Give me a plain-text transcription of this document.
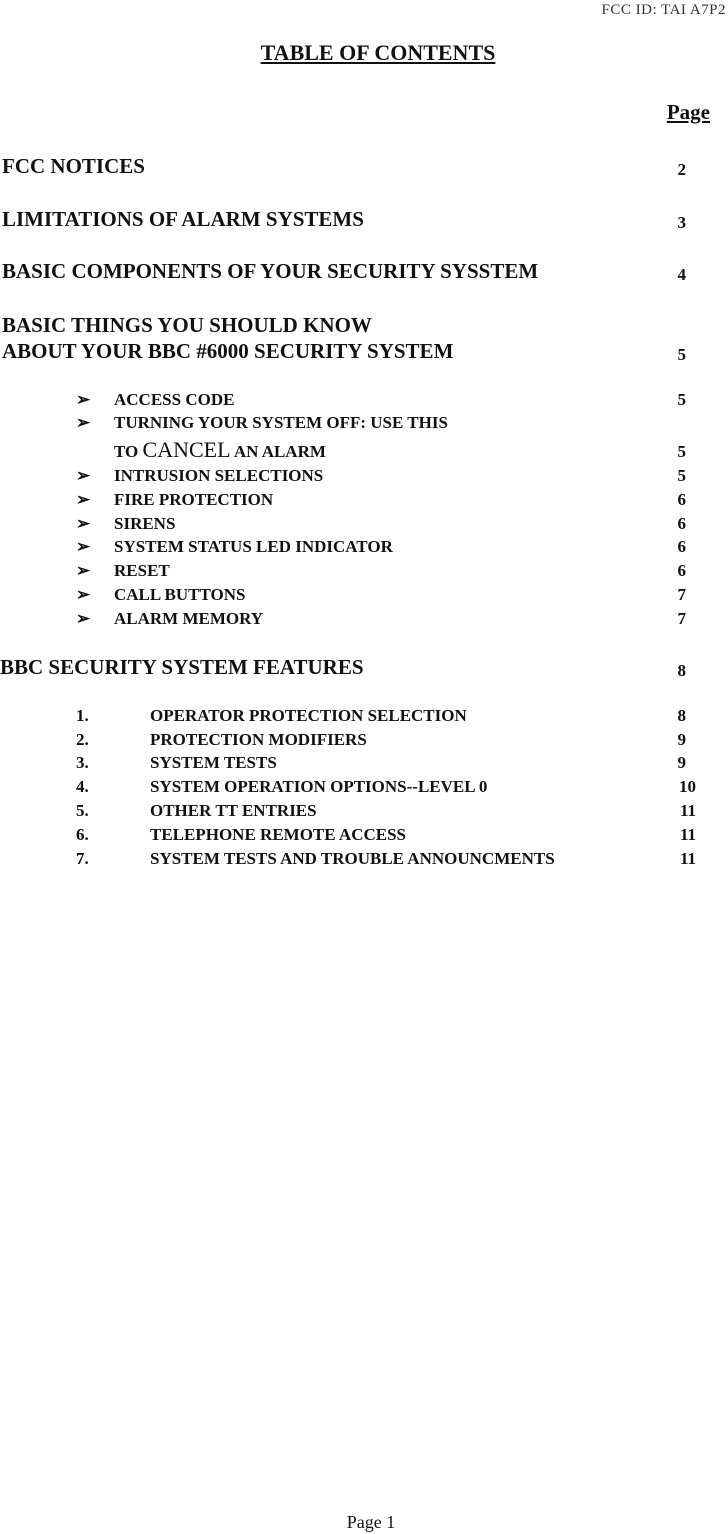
FCC ID: TAI A7P2
TABLE OF CONTENTS
Page
FCC NOTICES	2
LIMITATIONS OF ALARM SYSTEMS	3
BASIC COMPONENTS OF YOUR SECURITY SYSSTEM	4
BASIC THINGS YOU SHOULD KNOW
ABOUT YOUR BBC #6000 SECURITY SYSTEM	5
➢ ACCESS CODE	5
➢ TURNING YOUR SYSTEM OFF: USE THIS
TO CANCEL AN ALARM	5
➢ INTRUSION SELECTIONS	5
➢ FIRE PROTECTION	6
➢ SIRENS	6
➢ SYSTEM STATUS LED INDICATOR	6
➢ RESET	6
➢ CALL BUTTONS	7
➢ ALARM MEMORY	7
BBC SECURITY SYSTEM FEATURES	8
1.	OPERATOR PROTECTION SELECTION	8
2.	PROTECTION MODIFIERS	9
3.	SYSTEM TESTS	9
4.	SYSTEM OPERATION OPTIONS--LEVEL 0	10
5.	OTHER TT ENTRIES	11
6.	TELEPHONE REMOTE ACCESS	11
7.	SYSTEM TESTS AND TROUBLE ANNOUNCMENTS	11
Page 1
